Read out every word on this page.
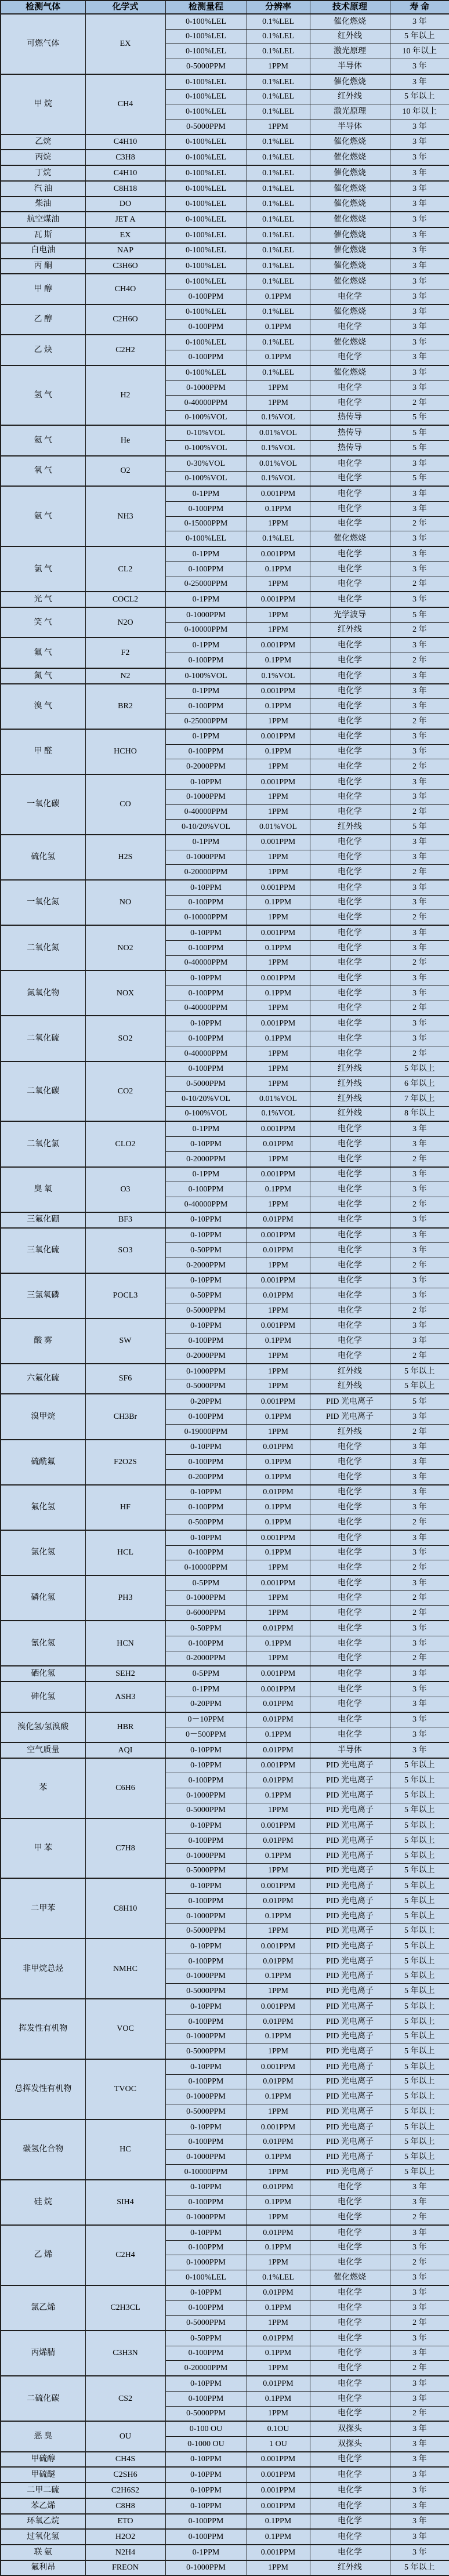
检测气体	化学式	检测量程	分辨率	技术原理	寿 命
可燃气体	EX	0-100%LEL	0.1%LEL	催化燃烧	3 年
		0-100%LEL	0.1%LEL	红外线	5 年以上
		0-100%LEL	0.1%LEL	激光原理	10 年以上
		0-5000PPM	1PPM	半导体	3 年
甲 烷	CH4	0-100%LEL	0.1%LEL	催化燃烧	3 年
		0-100%LEL	0.1%LEL	红外线	5 年以上
		0-100%LEL	0.1%LEL	激光原理	10 年以上
		0-5000PPM	1PPM	半导体	3 年
乙烷	C4H10	0-100%LEL	0.1%LEL	催化燃烧	3 年
丙烷	C3H8	0-100%LEL	0.1%LEL	催化燃烧	3 年
丁烷	C4H10	0-100%LEL	0.1%LEL	催化燃烧	3 年
汽 油	C8H18	0-100%LEL	0.1%LEL	催化燃烧	3 年
柴油	DO	0-100%LEL	0.1%LEL	催化燃烧	3 年
航空煤油	JET A	0-100%LEL	0.1%LEL	催化燃烧	3 年
瓦 斯	EX	0-100%LEL	0.1%LEL	催化燃烧	3 年
白电油	NAP	0-100%LEL	0.1%LEL	催化燃烧	3 年
丙 酮	C3H6O	0-100%LEL	0.1%LEL	催化燃烧	3 年
甲 醇	CH4O	0-100%LEL	0.1%LEL	催化燃烧	3 年
		0-100PPM	0.1PPM	电化学	3 年
乙 醇	C2H6O	0-100%LEL	0.1%LEL	催化燃烧	3 年
		0-100PPM	0.1PPM	电化学	3 年
乙 炔	C2H2	0-100%LEL	0.1%LEL	催化燃烧	3 年
		0-100PPM	0.1PPM	电化学	3 年
氢 气	H2	0-100%LEL	0.1%LEL	催化燃烧	3 年
		0-1000PPM	1PPM	电化学	3 年
		0-40000PPM	1PPM	电化学	2 年
		0-100%VOL	0.1%VOL	热传导	5 年
氦 气	He	0-10%VOL	0.01%VOL	热传导	5 年
		0-100%VOL	0.1%VOL	热传导	5 年
氧 气	O2	0-30%VOL	0.01%VOL	电化学	3 年
		0-100%VOL	0.1%VOL	电化学	5 年
氨 气	NH3	0-1PPM	0.001PPM	电化学	3 年
		0-100PPM	0.1PPM	电化学	3 年
		0-15000PPM	1PPM	电化学	2 年
		0-100%LEL	0.1%LEL	催化燃烧	3 年
氯 气	CL2	0-1PPM	0.001PPM	电化学	3 年
		0-100PPM	0.1PPM	电化学	3 年
		0-25000PPM	1PPM	电化学	2 年
光 气	COCL2	0-1PPM	0.001PPM	电化学	3 年
笑 气	N2O	0-1000PPM	1PPM	光学波导	5 年
		0-10000PPM	1PPM	红外线	2 年
氟 气	F2	0-1PPM	0.001PPM	电化学	3 年
		0-100PPM	0.1PPM	电化学	2 年
氮 气	N2	0-100%VOL	0.1%VOL	电化学	3 年
溴 气	BR2	0-1PPM	0.001PPM	电化学	3 年
		0-100PPM	0.1PPM	电化学	3 年
		0-25000PPM	1PPM	电化学	2 年
甲 醛	HCHO	0-1PPM	0.001PPM	电化学	3 年
		0-100PPM	0.1PPM	电化学	3 年
		0-2000PPM	1PPM	电化学	2 年
一氧化碳	CO	0-10PPM	0.001PPM	电化学	3 年
		0-1000PPM	1PPM	电化学	3 年
		0-40000PPM	1PPM	电化学	2 年
		0-10/20%VOL	0.01%VOL	红外线	5 年
硫化氢	H2S	0-1PPM	0.001PPM	电化学	3 年
		0-1000PPM	1PPM	电化学	3 年
		0-20000PPM	1PPM	电化学	2 年
一氧化氮	NO	0-10PPM	0.001PPM	电化学	3 年
		0-100PPM	0.1PPM	电化学	3 年
		0-10000PPM	1PPM	电化学	2 年
二氧化氮	NO2	0-10PPM	0.001PPM	电化学	3 年
		0-100PPM	0.1PPM	电化学	3 年
		0-40000PPM	1PPM	电化学	2 年
氮氧化物	NOX	0-10PPM	0.001PPM	电化学	3 年
		0-100PPM	0.1PPM	电化学	3 年
		0-40000PPM	1PPM	电化学	2 年
二氧化硫	SO2	0-10PPM	0.001PPM	电化学	3 年
		0-100PPM	0.1PPM	电化学	3 年
		0-40000PPM	1PPM	电化学	2 年
二氧化碳	CO2	0-100PPM	1PPM	红外线	5 年以上
		0-5000PPM	1PPM	红外线	6 年以上
		0-10/20%VOL	0.01%VOL	红外线	7 年以上
		0-100%VOL	0.1%VOL	红外线	8 年以上
二氧化氯	CLO2	0-1PPM	0.001PPM	电化学	3 年
		0-10PPM	0.01PPM	电化学	3 年
		0-2000PPM	1PPM	电化学	2 年
臭 氧	O3	0-1PPM	0.001PPM	电化学	3 年
		0-100PPM	0.1PPM	电化学	3 年
		0-40000PPM	1PPM	电化学	2 年
三氟化硼	BF3	0-10PPM	0.01PPM	电化学	3 年
三氧化硫	SO3	0-10PPM	0.001PPM	电化学	3 年
		0-50PPM	0.01PPM	电化学	3 年
		0-2000PPM	1PPM	电化学	2 年
三氯氧磷	POCL3	0-10PPM	0.001PPM	电化学	3 年
		0-50PPM	0.01PPM	电化学	3 年
		0-5000PPM	1PPM	电化学	2 年
酸 雾	SW	0-10PPM	0.001PPM	电化学	3 年
		0-100PPM	0.1PPM	电化学	3 年
		0-2000PPM	1PPM	电化学	2 年
六氟化硫	SF6	0-1000PPM	1PPM	红外线	5 年以上
		0-5000PPM	1PPM	红外线	5 年以上
溴甲烷	CH3Br	0-20PPM	0.001PPM	PID 光电离子	5 年
		0-100PPM	0.1PPM	PID 光电离子	3 年
		0-19000PPM	1PPM	红外线	2 年
硫酰氟	F2O2S	0-10PPM	0.01PPM	电化学	3 年
		0-100PPM	0.1PPM	电化学	3 年
		0-200PPM	0.1PPM	电化学	3 年
氟化氢	HF	0-10PPM	0.01PPM	电化学	3 年
		0-100PPM	0.1PPM	电化学	3 年
		0-500PPM	0.1PPM	电化学	2 年
氯化氢	HCL	0-10PPM	0.001PPM	电化学	3 年
		0-100PPM	0.1PPM	电化学	3 年
		0-10000PPM	1PPM	电化学	2 年
磷化氢	PH3	0-5PPM	0.001PPM	电化学	3 年
		0-1000PPM	1PPM	电化学	2 年
		0-6000PPM	1PPM	电化学	2 年
氰化氢	HCN	0-50PPM	0.01PPM	电化学	3 年
		0-100PPM	0.1PPM	电化学	3 年
		0-2000PPM	1PPM	电化学	2 年
硒化氢	SEH2	0-5PPM	0.001PPM	电化学	3 年
砷化氢	ASH3	0-1PPM	0.001PPM	电化学	3 年
		0-20PPM	0.01PPM	电化学	3 年
溴化氢/氢溴酸	HBR	0－10PPM	0.01PPM	电化学	3 年
		0－500PPM	0.1PPM	电化学	3 年
空气质量	AQI	0-10PPM	0.01PPM	半导体	3 年
苯	C6H6	0-10PPM	0.001PPM	PID 光电离子	5 年以上
		0-100PPM	0.01PPM	PID 光电离子	5 年以上
		0-1000PPM	0.1PPM	PID 光电离子	5 年以上
		0-5000PPM	1PPM	PID 光电离子	5 年以上
甲 苯	C7H8	0-10PPM	0.001PPM	PID 光电离子	5 年以上
		0-100PPM	0.01PPM	PID 光电离子	5 年以上
		0-1000PPM	0.1PPM	PID 光电离子	5 年以上
		0-5000PPM	1PPM	PID 光电离子	5 年以上
二甲苯	C8H10	0-10PPM	0.001PPM	PID 光电离子	5 年以上
		0-100PPM	0.01PPM	PID 光电离子	5 年以上
		0-1000PPM	0.1PPM	PID 光电离子	5 年以上
		0-5000PPM	1PPM	PID 光电离子	5 年以上
非甲烷总烃	NMHC	0-10PPM	0.001PPM	PID 光电离子	5 年以上
		0-100PPM	0.01PPM	PID 光电离子	5 年以上
		0-1000PPM	0.1PPM	PID 光电离子	5 年以上
		0-5000PPM	1PPM	PID 光电离子	5 年以上
挥发性有机物	VOC	0-10PPM	0.001PPM	PID 光电离子	5 年以上
		0-100PPM	0.01PPM	PID 光电离子	5 年以上
		0-1000PPM	0.1PPM	PID 光电离子	5 年以上
		0-5000PPM	1PPM	PID 光电离子	5 年以上
总挥发性有机物	TVOC	0-10PPM	0.001PPM	PID 光电离子	5 年以上
		0-100PPM	0.01PPM	PID 光电离子	5 年以上
		0-1000PPM	0.1PPM	PID 光电离子	5 年以上
		0-5000PPM	1PPM	PID 光电离子	5 年以上
碳氢化合物	HC	0-10PPM	0.001PPM	PID 光电离子	5 年以上
		0-100PPM	0.01PPM	PID 光电离子	5 年以上
		0-1000PPM	0.1PPM	PID 光电离子	5 年以上
		0-10000PPM	1PPM	PID 光电离子	5 年以上
硅 烷	SIH4	0-10PPM	0.01PPM	电化学	3 年
		0-100PPM	0.1PPM	电化学	3 年
		0-1000PPM	1PPM	电化学	2 年
乙 烯	C2H4	0-10PPM	0.01PPM	电化学	3 年
		0-100PPM	0.1PPM	电化学	3 年
		0-1000PPM	1PPM	电化学	2 年
		0-100%LEL	0.1%LEL	催化燃烧	3 年
氯乙烯	C2H3CL	0-10PPM	0.01PPM	电化学	3 年
		0-100PPM	0.1PPM	电化学	3 年
		0-5000PPM	1PPM	电化学	2 年
丙烯腈	C3H3N	0-50PPM	0.01PPM	电化学	3 年
		0-100PPM	0.1PPM	电化学	3 年
		0-20000PPM	1PPM	电化学	2 年
二硫化碳	CS2	0-10PPM	0.01PPM	电化学	3 年
		0-100PPM	0.1PPM	电化学	3 年
		0-5000PPM	1PPM	电化学	2 年
恶 臭	OU	0-100 OU	0.1OU	双探头	3 年
		0-1000 OU	1 OU	双探头	3 年
甲硫醇	CH4S	0-10PPM	0.001PPM	电化学	3 年
甲硫醚	C2SH6	0-10PPM	0.001PPM	电化学	3 年
二甲二硫	C2H6S2	0-10PPM	0.001PPM	电化学	3 年
苯乙烯	C8H8	0-10PPM	0.001PPM	电化学	3 年
环氧乙烷	ETO	0-100PPM	0.1PPM	电化学	3 年
过氧化氢	H2O2	0-100PPM	0.1PPM	电化学	3 年
联 氨	N2H4	0-1PPM	0.001PPM	电化学	3 年
氟利昂	FREON	0-1000PPM	1PPM	红外线	5 年以上
